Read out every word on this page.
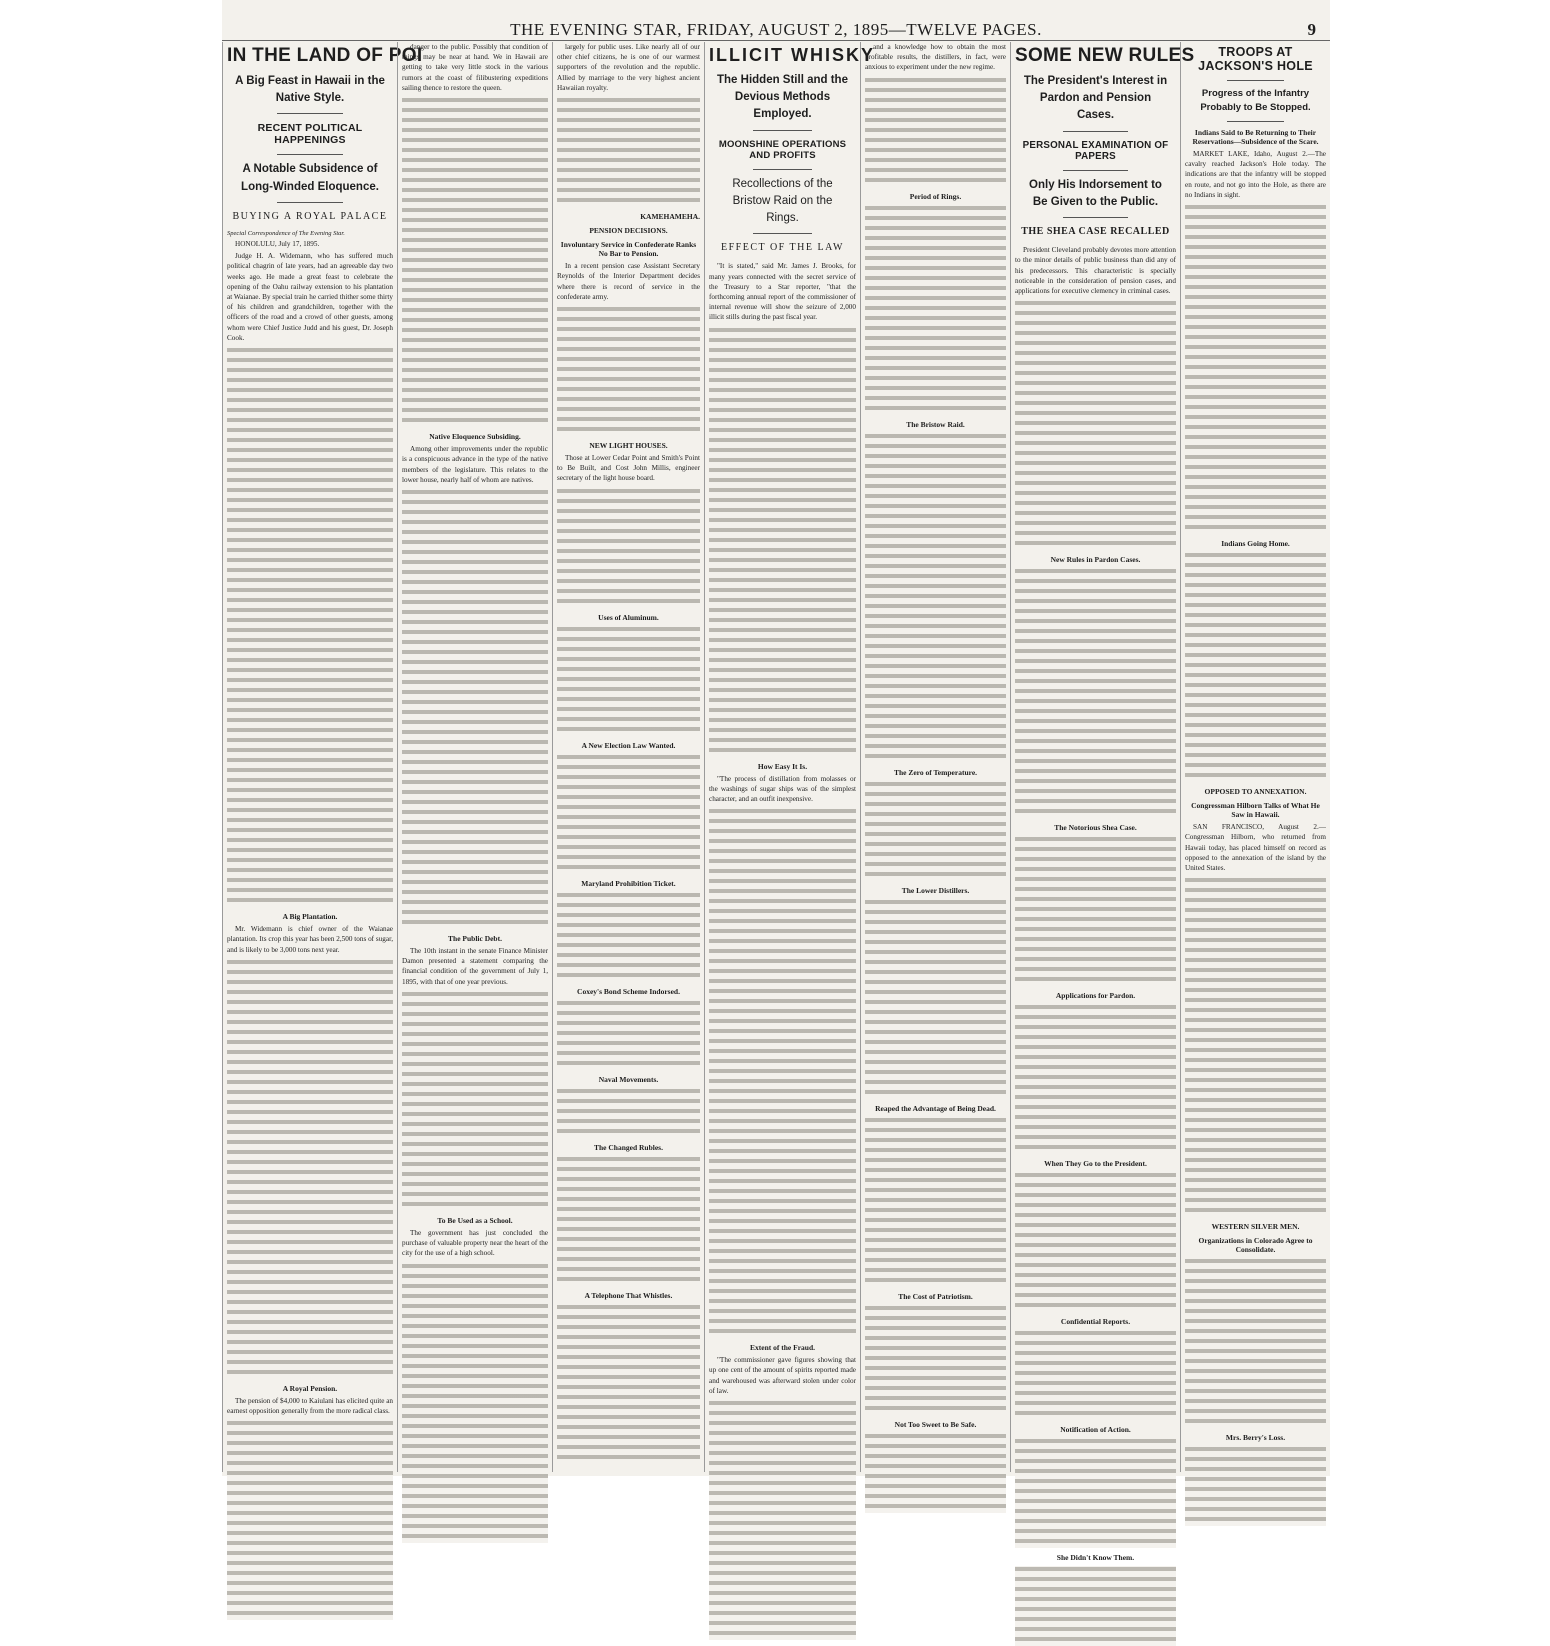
THE EVENING STAR, FRIDAY, AUGUST 2, 1895—TWELVE PAGES.	9
IN THE LAND OF POI
A Big Feast in Hawaii in the Native Style.
RECENT POLITICAL HAPPENINGS
A Notable Subsidence of Long-Winded Eloquence.
BUYING A ROYAL PALACE
Special Correspondence of The Evening Star.

HONOLULU, July 17, 1895.

Judge H. A. Widemann, who has suffered much political chagrin of late years, had an agreeable day two weeks ago. He made a great feast to celebrate the opening of the Oahu railway extension to his plantation at Waianae. By special train he carried thither some thirty of his children and grandchildren, together with the officers of the road and a crowd of other guests, among whom were Chief Justice Judd and his guest, Dr. Joseph Cook.

A Big Plantation.

Mr. Widemann is chief owner of the Waianae plantation. Its crop this year has been 2,500 tons of sugar, and is likely to be 3,000 tons next year.

A Royal Pension.

The pension of $4,000 to Kaiulani has elicited quite an earnest opposition generally from the more radical class.

danger to the public. Possibly that condition of things may be near at hand. We in Hawaii are getting to take very little stock in the various rumors at the coast of filibustering expeditions sailing thence to restore the queen.

Native Eloquence Subsiding.

Among other improvements under the republic is a conspicuous advance in the type of the native members of the legislature. This relates to the lower house, nearly half of whom are natives.

The Public Debt.

The 10th instant in the senate Finance Minister Damon presented a statement comparing the financial condition of the government of July 1, 1895, with that of one year previous.

To Be Used as a School.

The government has just concluded the purchase of valuable property near the heart of the city for the use of a high school.

largely for public uses. Like nearly all of our other chief citizens, he is one of our warmest supporters of the revolution and the republic. Allied by marriage to the very highest ancient Hawaiian royalty.

KAMEHAMEHA.
PENSION DECISIONS.
Involuntary Service in Confederate Ranks No Bar to Pension.

In a recent pension case Assistant Secretary Reynolds of the Interior Department decides where there is record of service in the confederate army.

NEW LIGHT HOUSES.

Those at Lower Cedar Point and Smith's Point to Be Built, and Cost John Millis, engineer secretary of the light house board.

Uses of Aluminum.
A New Election Law Wanted.
Maryland Prohibition Ticket.
Coxey's Bond Scheme Indorsed.
Naval Movements.
The Changed Rubles.
A Telephone That Whistles.
ILLICIT WHISKY
The Hidden Still and the Devious Methods Employed.
MOONSHINE OPERATIONS AND PROFITS
Recollections of the Bristow Raid on the Rings.
EFFECT OF THE LAW

"It is stated," said Mr. James J. Brooks, for many years connected with the secret service of the Treasury to a Star reporter, "that the forthcoming annual report of the commissioner of internal revenue will show the seizure of 2,000 illicit stills during the past fiscal year.

How Easy It Is.

"The process of distillation from molasses or the washings of sugar ships was of the simplest character, and an outfit inexpensive.

Extent of the Fraud.

"The commissioner gave figures showing that up one cent of the amount of spirits reported made and warehoused was afterward stolen under color of law.

and a knowledge how to obtain the most profitable results, the distillers, in fact, were anxious to experiment under the new regime.

Period of Rings.
The Bristow Raid.
The Zero of Temperature.
The Lower Distillers.
Reaped the Advantage of Being Dead.
The Cost of Patriotism.
Not Too Sweet to Be Safe.
SOME NEW RULES
The President's Interest in Pardon and Pension Cases.
PERSONAL EXAMINATION OF PAPERS
Only His Indorsement to Be Given to the Public.
THE SHEA CASE RECALLED

President Cleveland probably devotes more attention to the minor details of public business than did any of his predecessors. This characteristic is specially noticeable in the consideration of pension cases, and applications for executive clemency in criminal cases.

New Rules in Pardon Cases.
The Notorious Shea Case.
Applications for Pardon.
When They Go to the President.
Confidential Reports.
Notification of Action.
She Didn't Know Them.
TROOPS AT JACKSON'S HOLE
Progress of the Infantry Probably to Be Stopped.
Indians Said to Be Returning to Their Reservations—Subsidence of the Scare.

MARKET LAKE, Idaho, August 2.—The cavalry reached Jackson's Hole today. The indications are that the infantry will be stopped en route, and not go into the Hole, as there are no Indians in sight.

Indians Going Home.
OPPOSED TO ANNEXATION.
Congressman Hilborn Talks of What He Saw in Hawaii.

SAN FRANCISCO, August 2.—Congressman Hilborn, who returned from Hawaii today, has placed himself on record as opposed to the annexation of the island by the United States.

WESTERN SILVER MEN.
Organizations in Colorado Agree to Consolidate.
Mrs. Berry's Loss.
